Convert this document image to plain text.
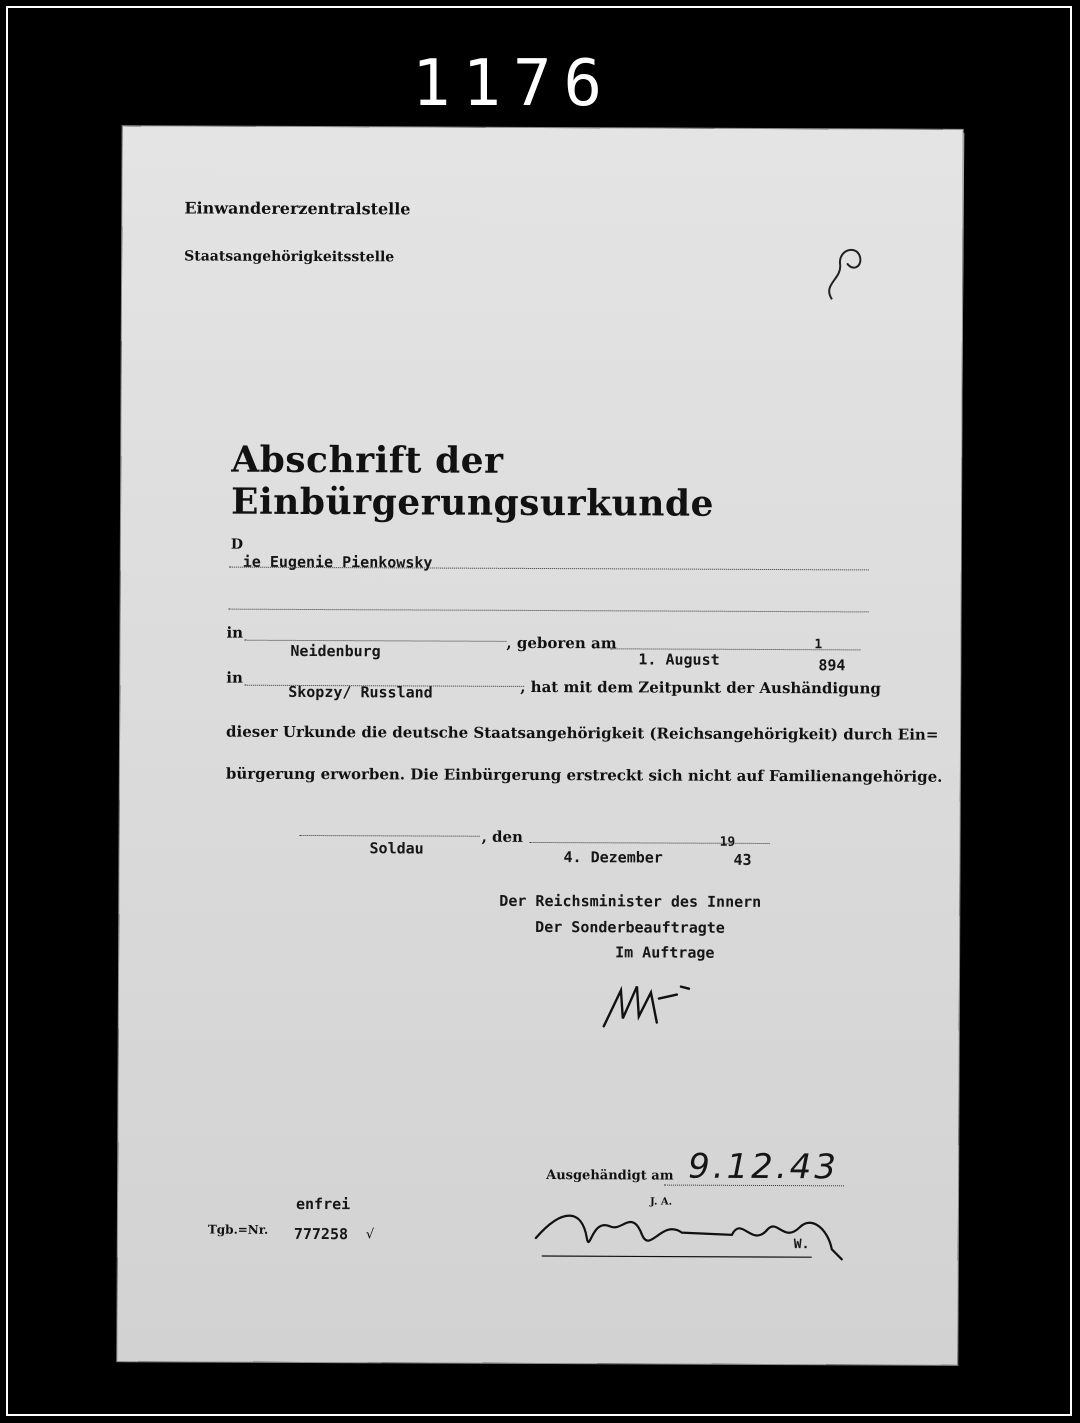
1176
Einwandererzentralstelle
Staatsangehörigkeitsstelle
Abschrift der Einbürgerungsurkunde
D
ie Eugenie Pienkowsky
in
Neidenburg	, geboren am
1. August
1
894
in
Skopzy/ Russland	, hat mit dem Zeitpunkt der Aushändigung
dieser Urkunde die deutsche Staatsangehörigkeit (Reichsangehörigkeit) durch Ein=
bürgerung erworben. Die Einbürgerung erstreckt sich nicht auf Familienangehörige.
Soldau
, den
4. Dezember
19
43
Der Reichsminister des Innern
Der Sonderbeauftragte
Im Auftrage
Ausgehändigt am 9.12.43
J. A.
W.
enfrei
Tgb.=Nr. 777258 √
